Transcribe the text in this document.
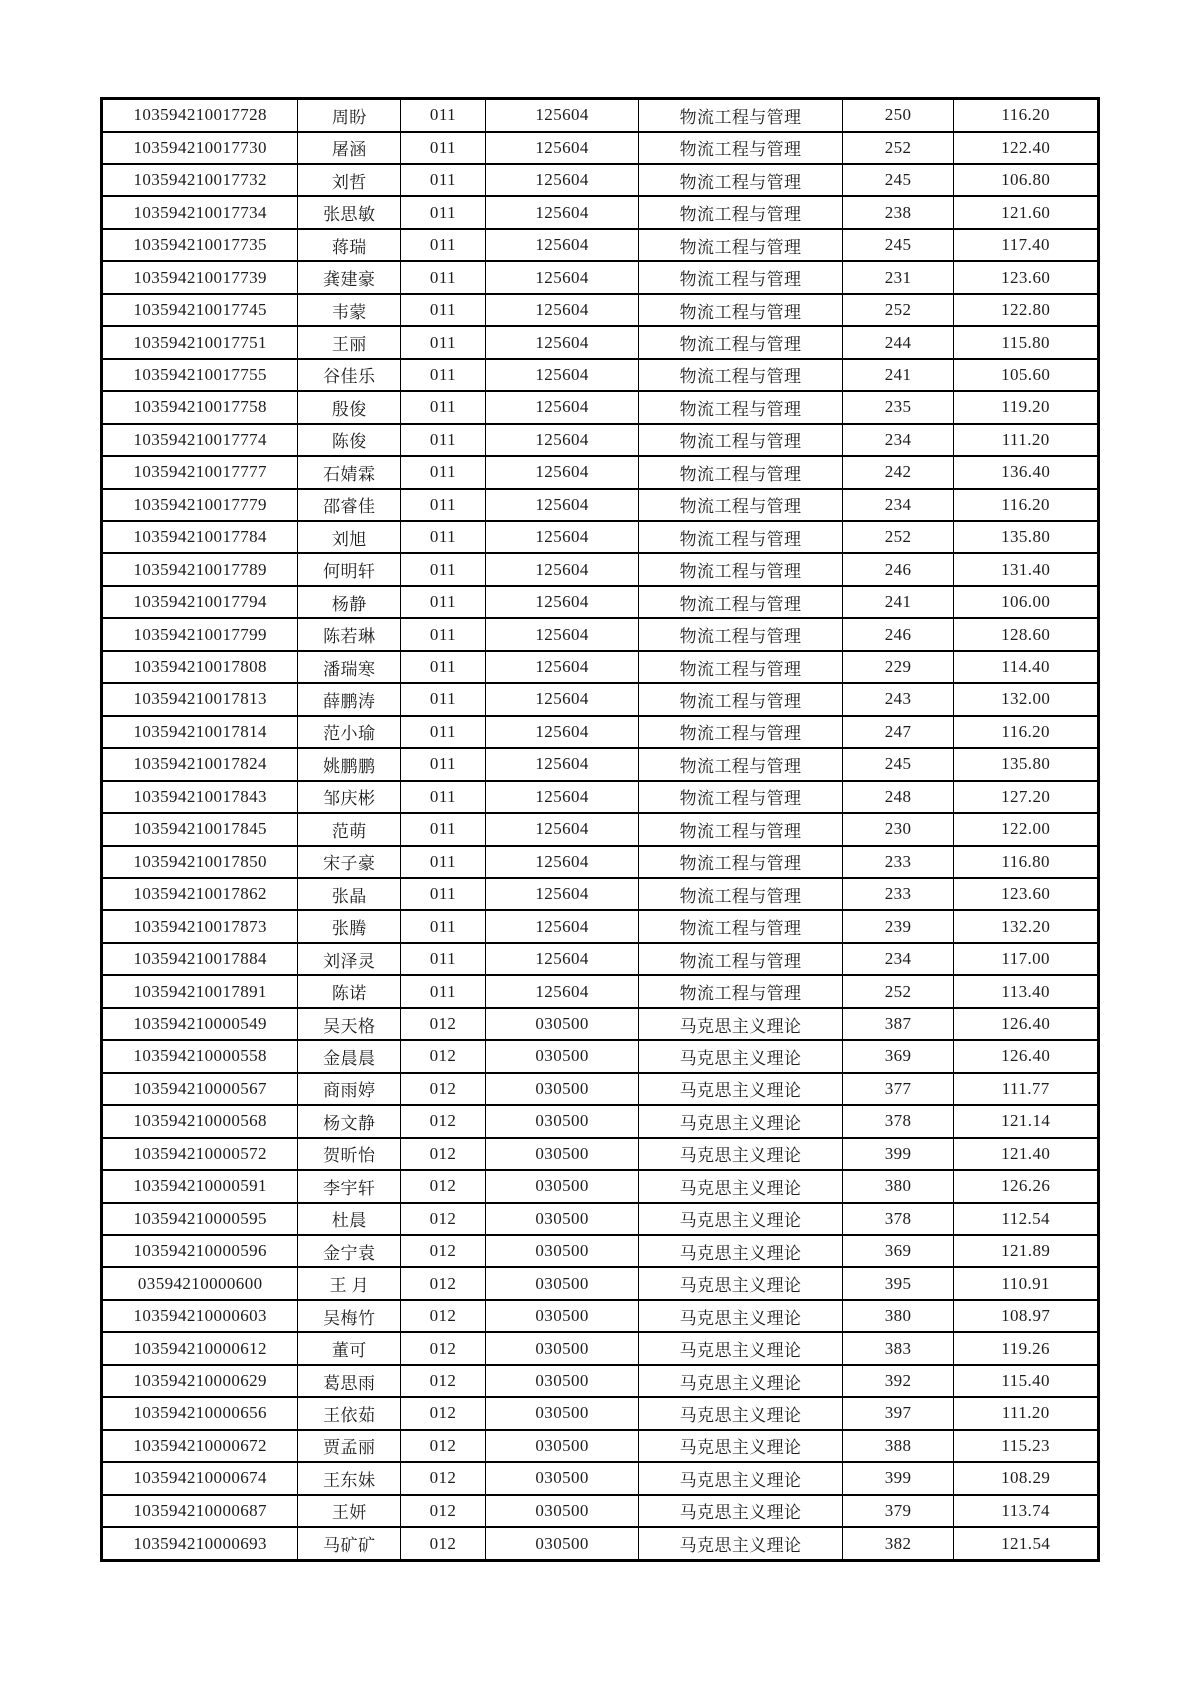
103594210017728	周盼	011	125604	物流工程与管理	250	116.20
103594210017730	屠涵	011	125604	物流工程与管理	252	122.40
103594210017732	刘哲	011	125604	物流工程与管理	245	106.80
103594210017734	张思敏	011	125604	物流工程与管理	238	121.60
103594210017735	蒋瑞	011	125604	物流工程与管理	245	117.40
103594210017739	龚建豪	011	125604	物流工程与管理	231	123.60
103594210017745	韦蒙	011	125604	物流工程与管理	252	122.80
103594210017751	王丽	011	125604	物流工程与管理	244	115.80
103594210017755	谷佳乐	011	125604	物流工程与管理	241	105.60
103594210017758	殷俊	011	125604	物流工程与管理	235	119.20
103594210017774	陈俊	011	125604	物流工程与管理	234	111.20
103594210017777	石婧霖	011	125604	物流工程与管理	242	136.40
103594210017779	邵睿佳	011	125604	物流工程与管理	234	116.20
103594210017784	刘旭	011	125604	物流工程与管理	252	135.80
103594210017789	何明轩	011	125604	物流工程与管理	246	131.40
103594210017794	杨静	011	125604	物流工程与管理	241	106.00
103594210017799	陈若琳	011	125604	物流工程与管理	246	128.60
103594210017808	潘瑞寒	011	125604	物流工程与管理	229	114.40
103594210017813	薛鹏涛	011	125604	物流工程与管理	243	132.00
103594210017814	范小瑜	011	125604	物流工程与管理	247	116.20
103594210017824	姚鹏鹏	011	125604	物流工程与管理	245	135.80
103594210017843	邹庆彬	011	125604	物流工程与管理	248	127.20
103594210017845	范萌	011	125604	物流工程与管理	230	122.00
103594210017850	宋子豪	011	125604	物流工程与管理	233	116.80
103594210017862	张晶	011	125604	物流工程与管理	233	123.60
103594210017873	张腾	011	125604	物流工程与管理	239	132.20
103594210017884	刘泽灵	011	125604	物流工程与管理	234	117.00
103594210017891	陈诺	011	125604	物流工程与管理	252	113.40
103594210000549	吴天格	012	030500	马克思主义理论	387	126.40
103594210000558	金晨晨	012	030500	马克思主义理论	369	126.40
103594210000567	商雨婷	012	030500	马克思主义理论	377	111.77
103594210000568	杨文静	012	030500	马克思主义理论	378	121.14
103594210000572	贺昕怡	012	030500	马克思主义理论	399	121.40
103594210000591	李宇轩	012	030500	马克思主义理论	380	126.26
103594210000595	杜晨	012	030500	马克思主义理论	378	112.54
103594210000596	金宁袁	012	030500	马克思主义理论	369	121.89
03594210000600	王 月	012	030500	马克思主义理论	395	110.91
103594210000603	吴梅竹	012	030500	马克思主义理论	380	108.97
103594210000612	董可	012	030500	马克思主义理论	383	119.26
103594210000629	葛思雨	012	030500	马克思主义理论	392	115.40
103594210000656	王依茹	012	030500	马克思主义理论	397	111.20
103594210000672	贾孟丽	012	030500	马克思主义理论	388	115.23
103594210000674	王东妹	012	030500	马克思主义理论	399	108.29
103594210000687	王妍	012	030500	马克思主义理论	379	113.74
103594210000693	马矿矿	012	030500	马克思主义理论	382	121.54
